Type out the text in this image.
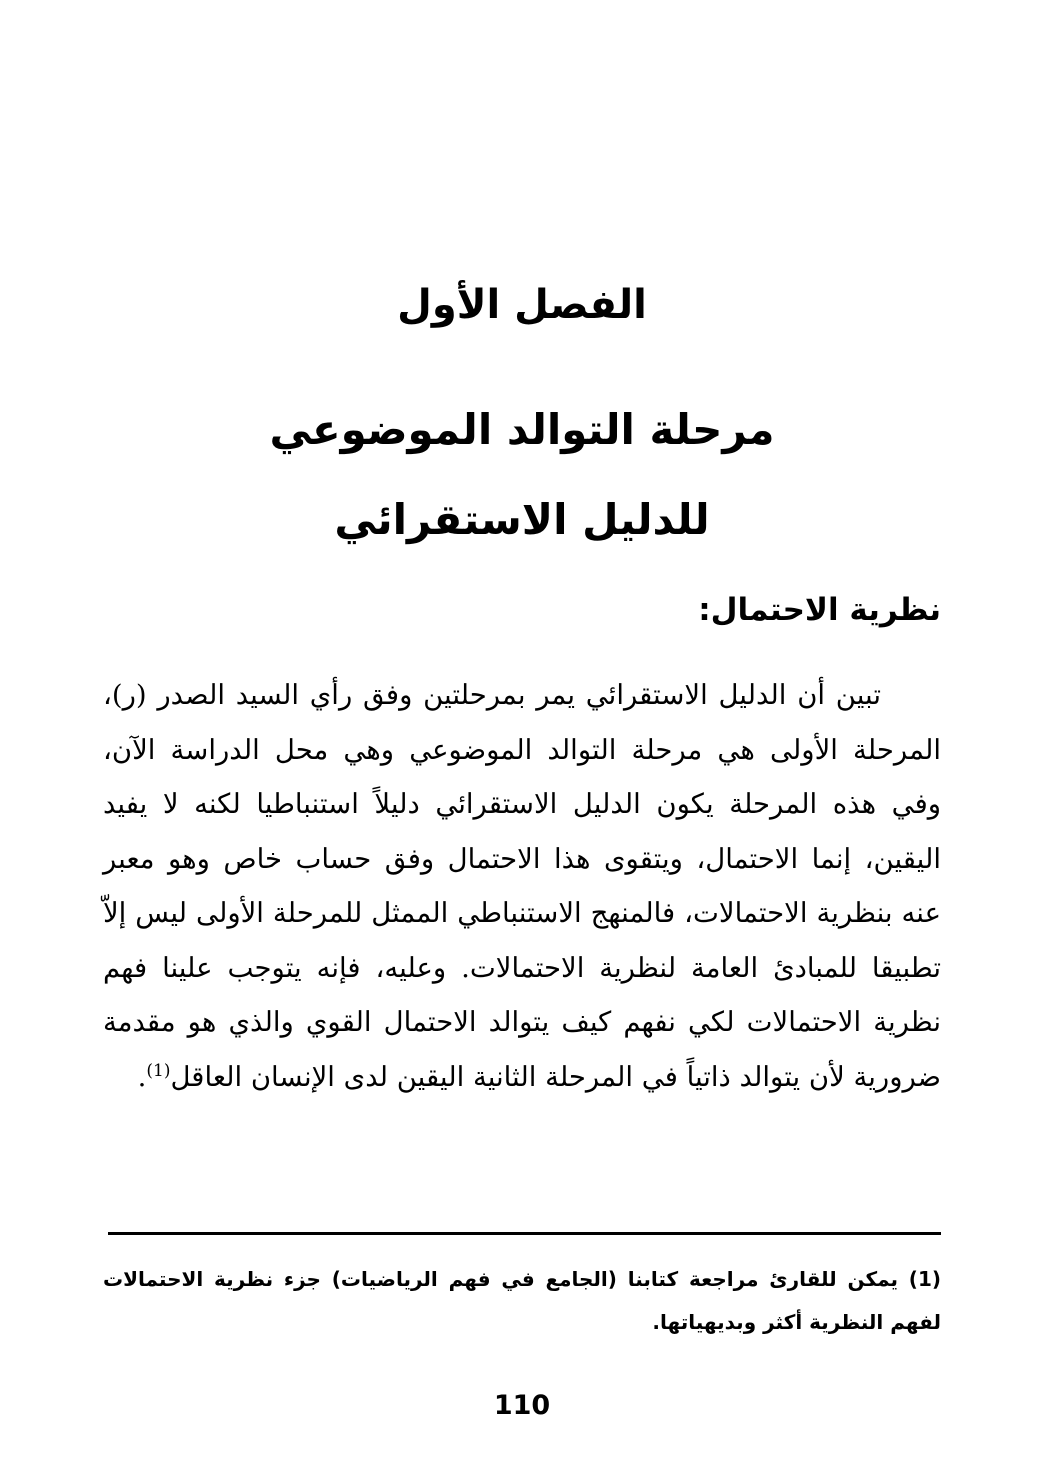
الفصل الأول
مرحلة التوالد الموضوعي
للدليل الاستقرائي
نظرية الاحتمال:
تبين أن الدليل الاستقرائي يمر بمرحلتين وفق رأي السيد الصدر (ر)، المرحلة الأولى هي مرحلة التوالد الموضوعي وهي محل الدراسة الآن، وفي هذه المرحلة يكون الدليل الاستقرائي دليلاً استنباطيا لكنه لا يفيد اليقين، إنما الاحتمال، ويتقوى هذا الاحتمال وفق حساب خاص وهو معبر عنه بنظرية الاحتمالات، فالمنهج الاستنباطي الممثل للمرحلة الأولى ليس إلاّ تطبيقا للمبادئ العامة لنظرية الاحتمالات. وعليه، فإنه يتوجب علينا فهم نظرية الاحتمالات لكي نفهم كيف يتوالد الاحتمال القوي والذي هو مقدمة ضرورية لأن يتوالد ذاتياً في المرحلة الثانية اليقين لدى الإنسان العاقل$^{(1)}$.
(1) يمكن للقارئ مراجعة كتابنا (الجامع في فهم الرياضيات) جزء نظرية الاحتمالات لفهم النظرية أكثر وبديهياتها.
110
